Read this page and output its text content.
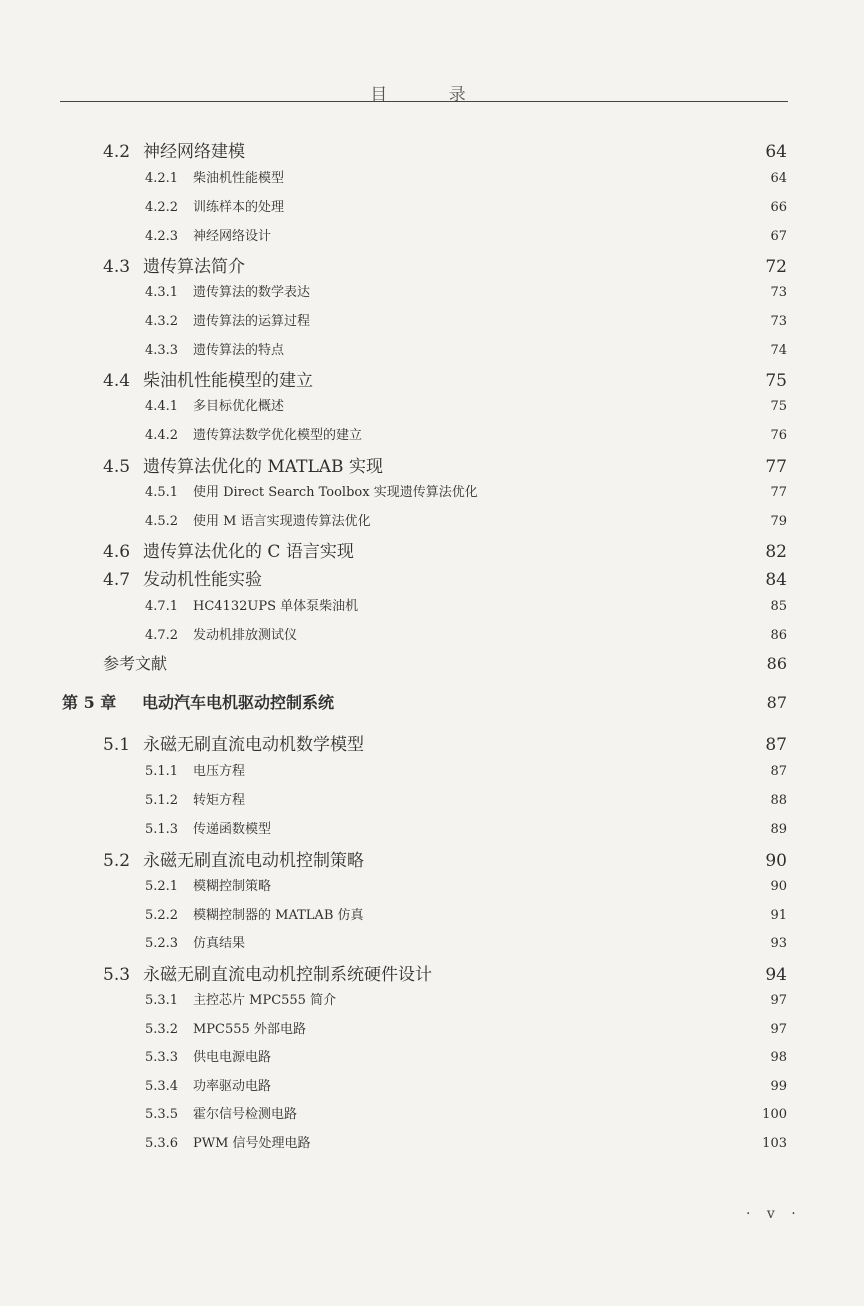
目 录
4.2 神经网络建模	64
4.2.1	柴油机性能模型	64
4.2.2	训练样本的处理	66
4.2.3	神经网络设计	67
4.3 遗传算法简介	72
4.3.1	遗传算法的数学表达	73
4.3.2	遗传算法的运算过程	73
4.3.3	遗传算法的特点	74
4.4 柴油机性能模型的建立	75
4.4.1	多目标优化概述	75
4.4.2	遗传算法数学优化模型的建立	76
4.5 遗传算法优化的 MATLAB 实现	77
4.5.1	使用 Direct Search Toolbox 实现遗传算法优化	77
4.5.2	使用 M 语言实现遗传算法优化	79
4.6 遗传算法优化的 C 语言实现	82
4.7 发动机性能实验	84
4.7.1	HC4132UPS 单体泵柴油机	85
4.7.2	发动机排放测试仪	86
参考文献	86
第 5 章	电动汽车电机驱动控制系统	87
5.1 永磁无刷直流电动机数学模型	87
5.1.1	电压方程	87
5.1.2	转矩方程	88
5.1.3	传递函数模型	89
5.2 永磁无刷直流电动机控制策略	90
5.2.1	模糊控制策略	90
5.2.2	模糊控制器的 MATLAB 仿真	91
5.2.3	仿真结果	93
5.3 永磁无刷直流电动机控制系统硬件设计	94
5.3.1	主控芯片 MPC555 简介	97
5.3.2	MPC555 外部电路	97
5.3.3	供电电源电路	98
5.3.4	功率驱动电路	99
5.3.5	霍尔信号检测电路	100
5.3.6	PWM 信号处理电路	103
· v ·
